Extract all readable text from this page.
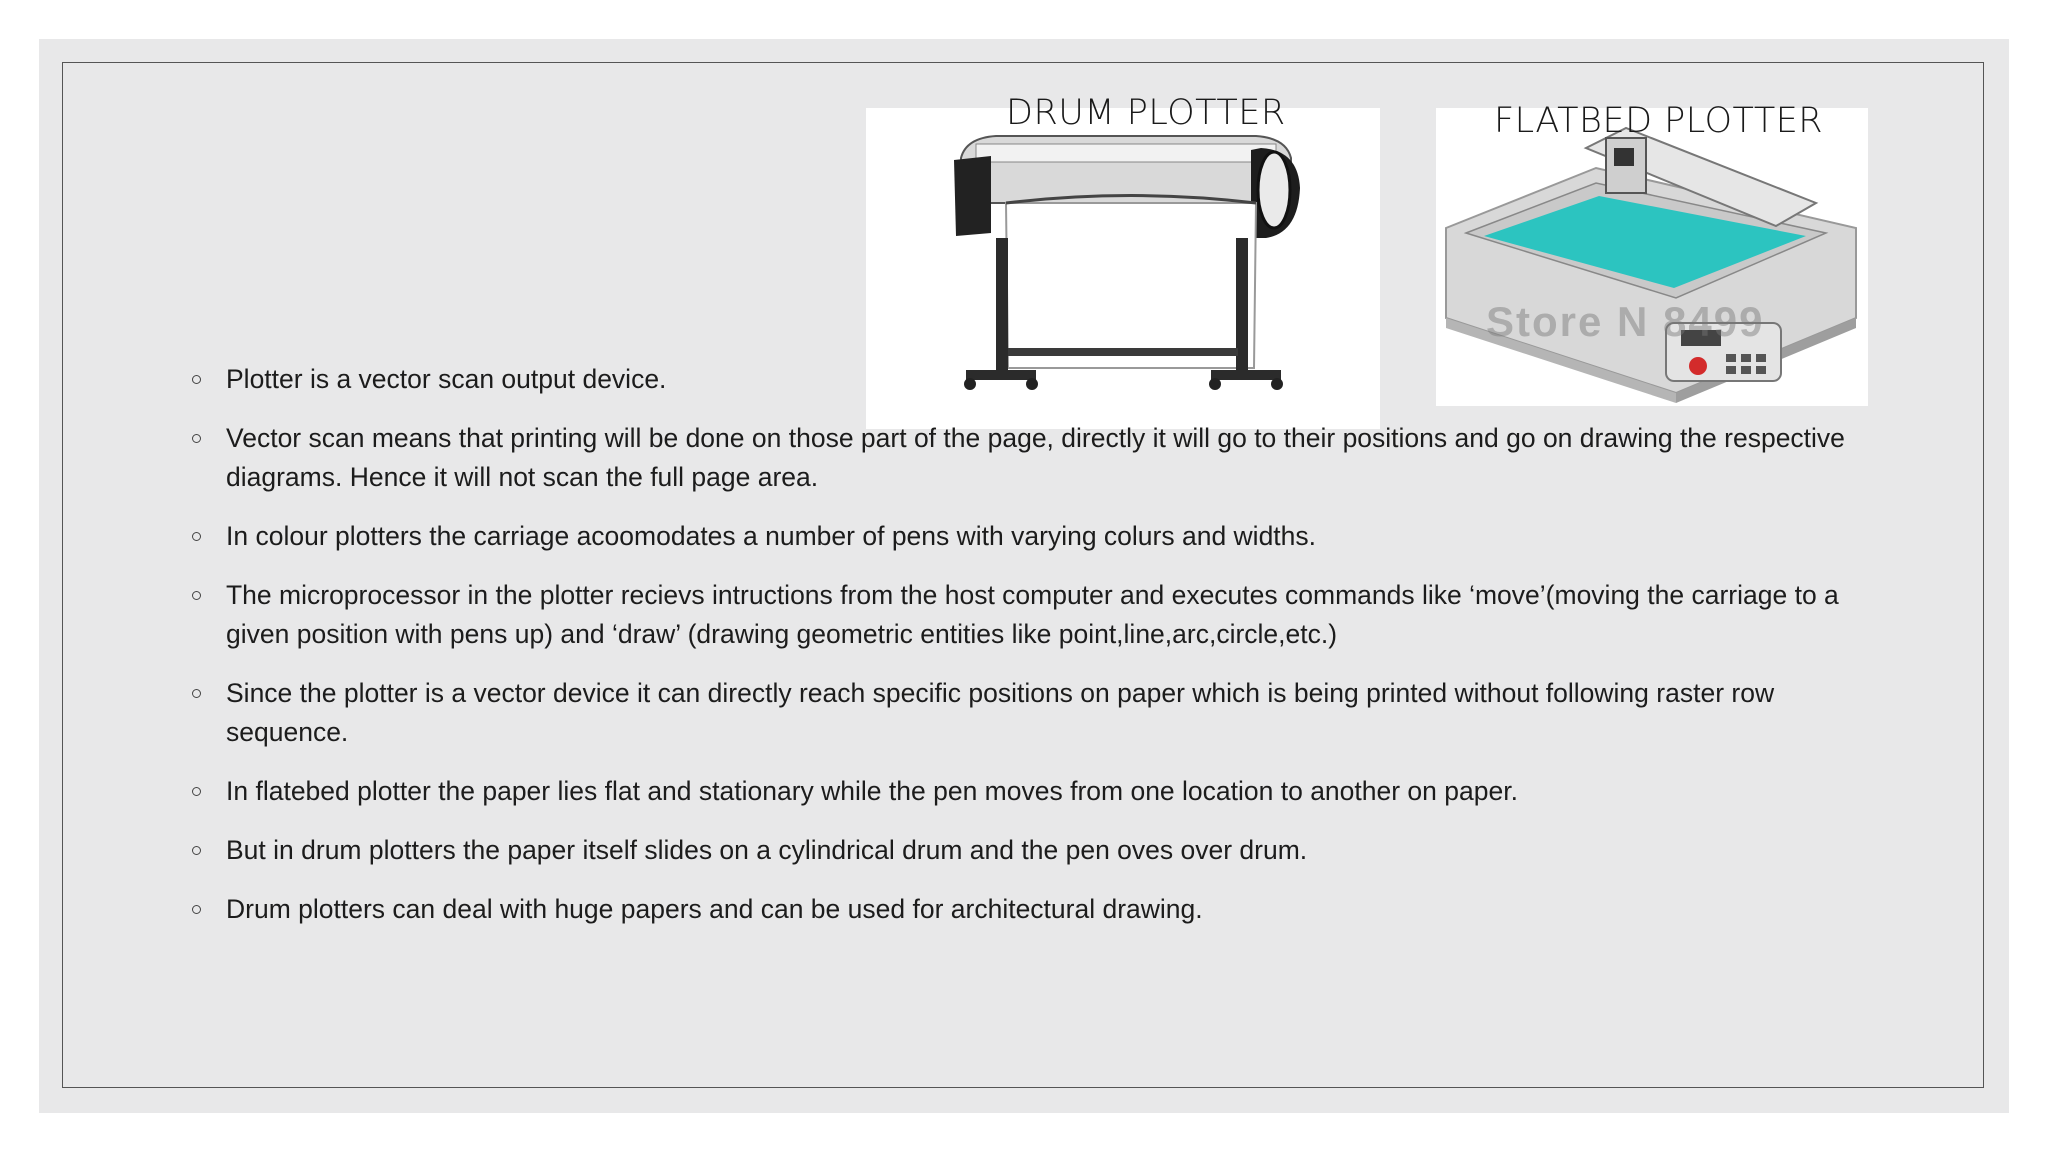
Store N 8499
DRUM PLOTTER	FLATBED PLOTTER
Plotter is a vector scan output device.
Vector scan means that printing will be done on those part of the page, directly it will go to their positions and go on drawing the respective diagrams. Hence it will not scan the full page area.
In colour plotters the carriage acoomodates a number of pens with varying colurs and widths.
The microprocessor in the plotter recievs intructions from the host computer and executes commands like ‘move’(moving the carriage to a given position with pens up) and ‘draw’ (drawing geometric entities like point,line,arc,circle,etc.)
Since the plotter is a vector device it can directly reach specific positions on paper which is being printed without following raster row sequence.
In flatebed plotter the paper lies flat and stationary while the pen moves from one location to another on paper.
But in drum plotters the paper itself slides on a cylindrical drum and the pen oves over drum.
Drum plotters can deal with huge papers and can be used for architectural drawing.
